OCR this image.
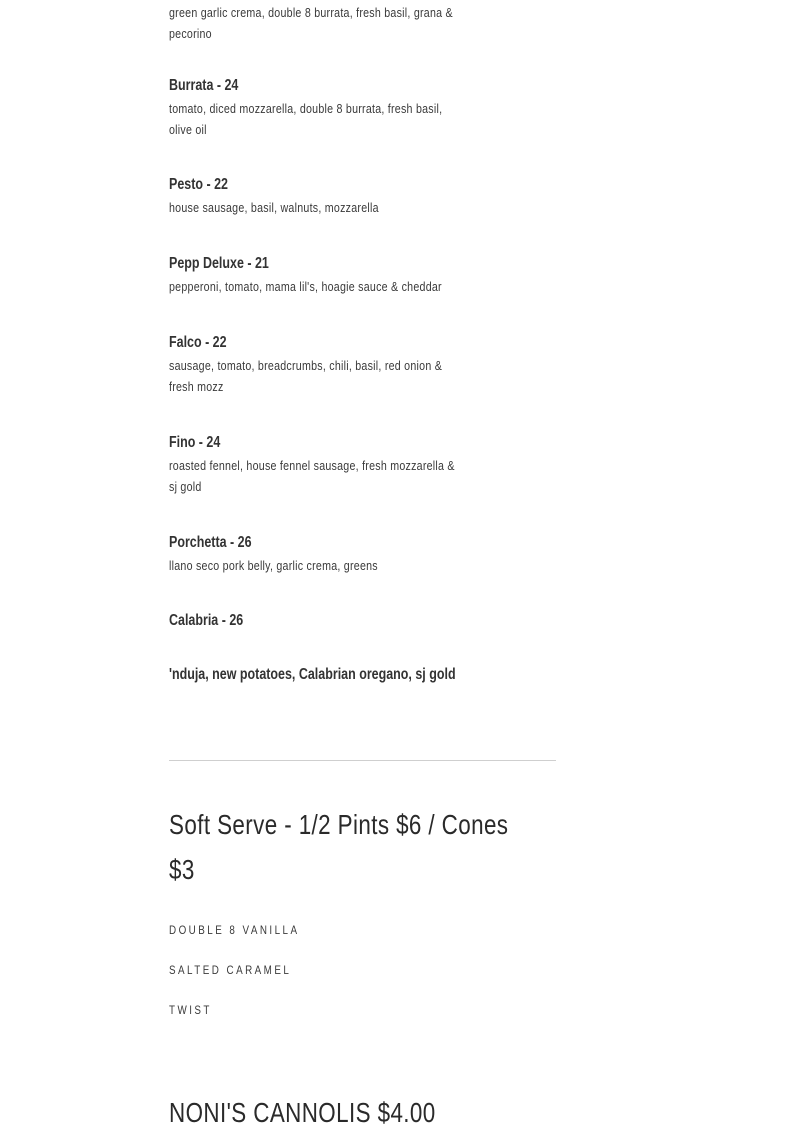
green garlic crema, double 8 burrata, fresh basil, grana &
pecorino
Burrata - 24
tomato, diced mozzarella, double 8 burrata, fresh basil,
olive oil
Pesto - 22
house sausage, basil, walnuts, mozzarella
Pepp Deluxe - 21
pepperoni, tomato, mama lil's, hoagie sauce & cheddar
Falco - 22
sausage, tomato, breadcrumbs, chili, basil, red onion &
fresh mozz
Fino - 24
roasted fennel, house fennel sausage, fresh mozzarella &
sj gold
Porchetta - 26
llano seco pork belly, garlic crema, greens
Calabria - 26
'nduja, new potatoes, Calabrian oregano, sj gold
Soft Serve - 1/2 Pints $6 / Cones
$3
DOUBLE 8 VANILLA
SALTED CARAMEL
TWIST
NONI'S CANNOLIS $4.00
